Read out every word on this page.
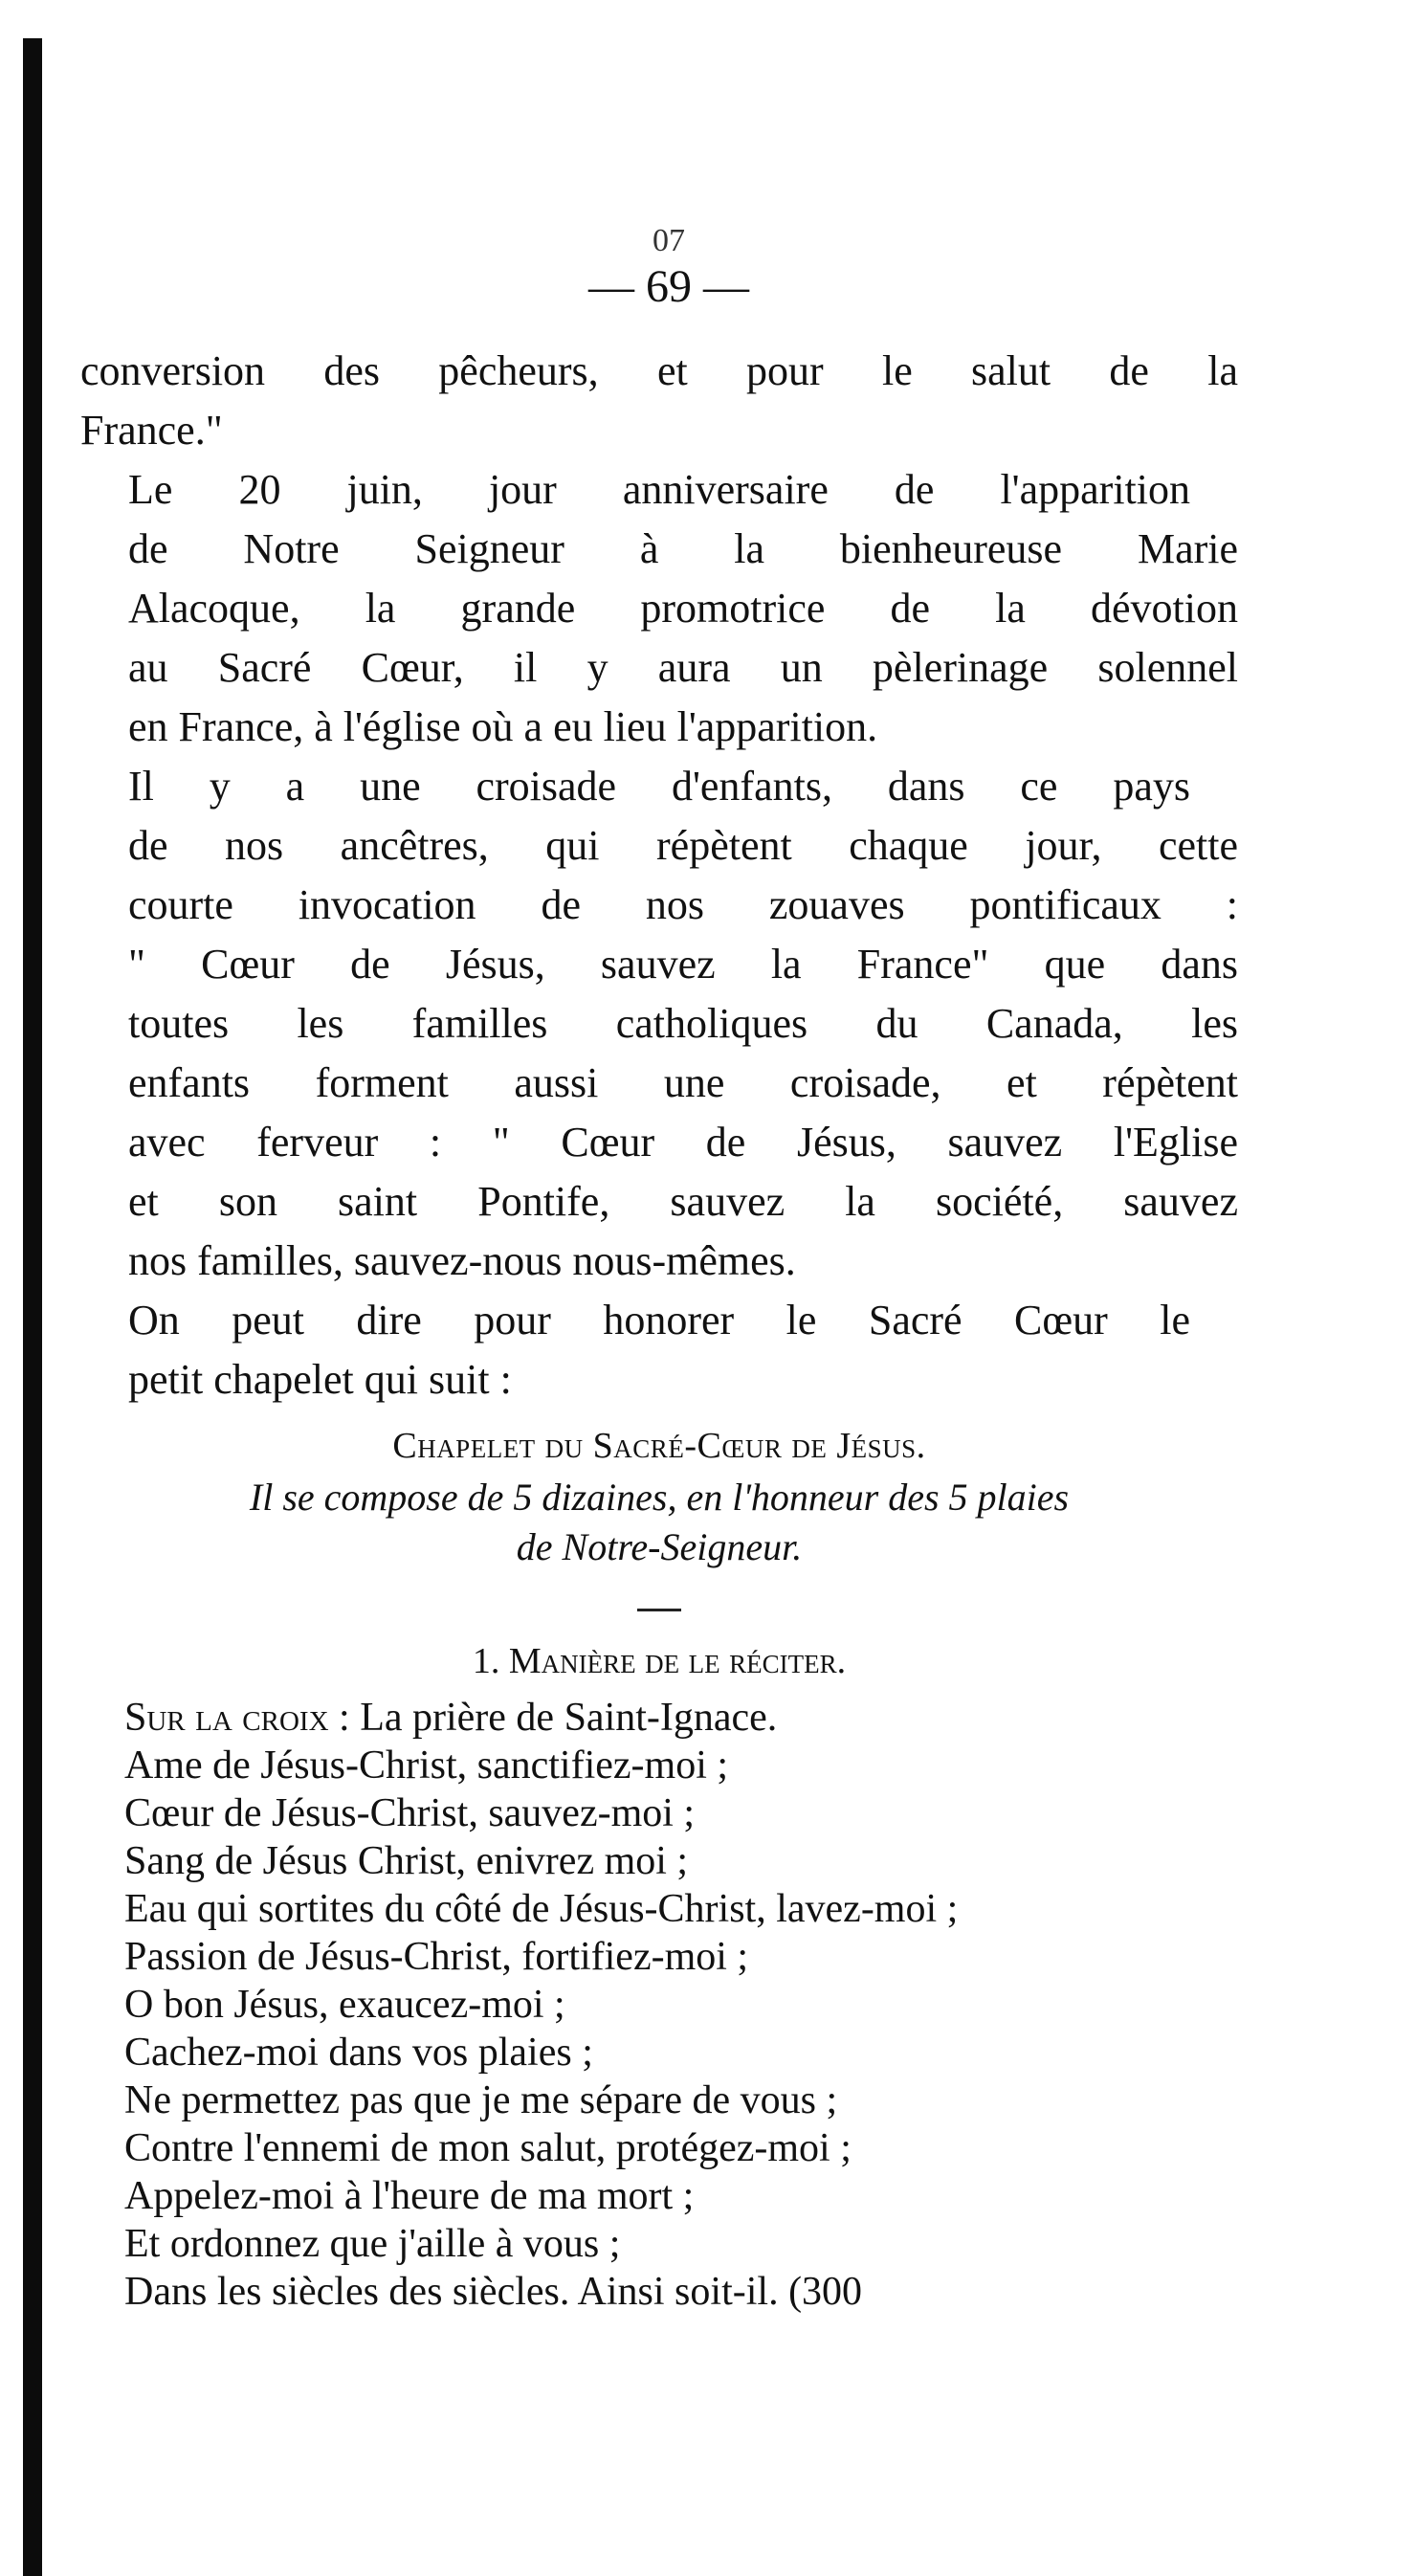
07
— 69 —

conversion des pêcheurs, et pour le salut de la
France."

Le 20 juin, jour anniversaire de l'apparition
de Notre Seigneur à la bienheureuse Marie
Alacoque, la grande promotrice de la dévotion
au Sacré Cœur, il y aura un pèlerinage solennel
en France, à l'église où a eu lieu l'apparition.

Il y a une croisade d'enfants, dans ce pays
de nos ancêtres, qui répètent chaque jour, cette
courte invocation de nos zouaves pontificaux :
" Cœur de Jésus, sauvez la France" que dans
toutes les familles catholiques du Canada, les
enfants forment aussi une croisade, et répètent
avec ferveur : " Cœur de Jésus, sauvez l'Eglise
et son saint Pontife, sauvez la société, sauvez
nos familles, sauvez-nous nous-mêmes.

On peut dire pour honorer le Sacré Cœur le
petit chapelet qui suit :

Chapelet du Sacré-Cœur de Jésus.
Il se compose de 5 dizaines, en l'honneur des 5 plaies
de Notre-Seigneur.
1. Manière de le réciter.
Sur la croix : La prière de Saint-Ignace.
Ame de Jésus-Christ, sanctifiez-moi ;
Cœur de Jésus-Christ, sauvez-moi ;
Sang de Jésus Christ, enivrez moi ;
Eau qui sortites du côté de Jésus-Christ, lavez-moi ;
Passion de Jésus-Christ, fortifiez-moi ;
O bon Jésus, exaucez-moi ;
Cachez-moi dans vos plaies ;
Ne permettez pas que je me sépare de vous ;
Contre l'ennemi de mon salut, protégez-moi ;
Appelez-moi à l'heure de ma mort ;
Et ordonnez que j'aille à vous ;
Dans les siècles des siècles. Ainsi soit-il. (300
